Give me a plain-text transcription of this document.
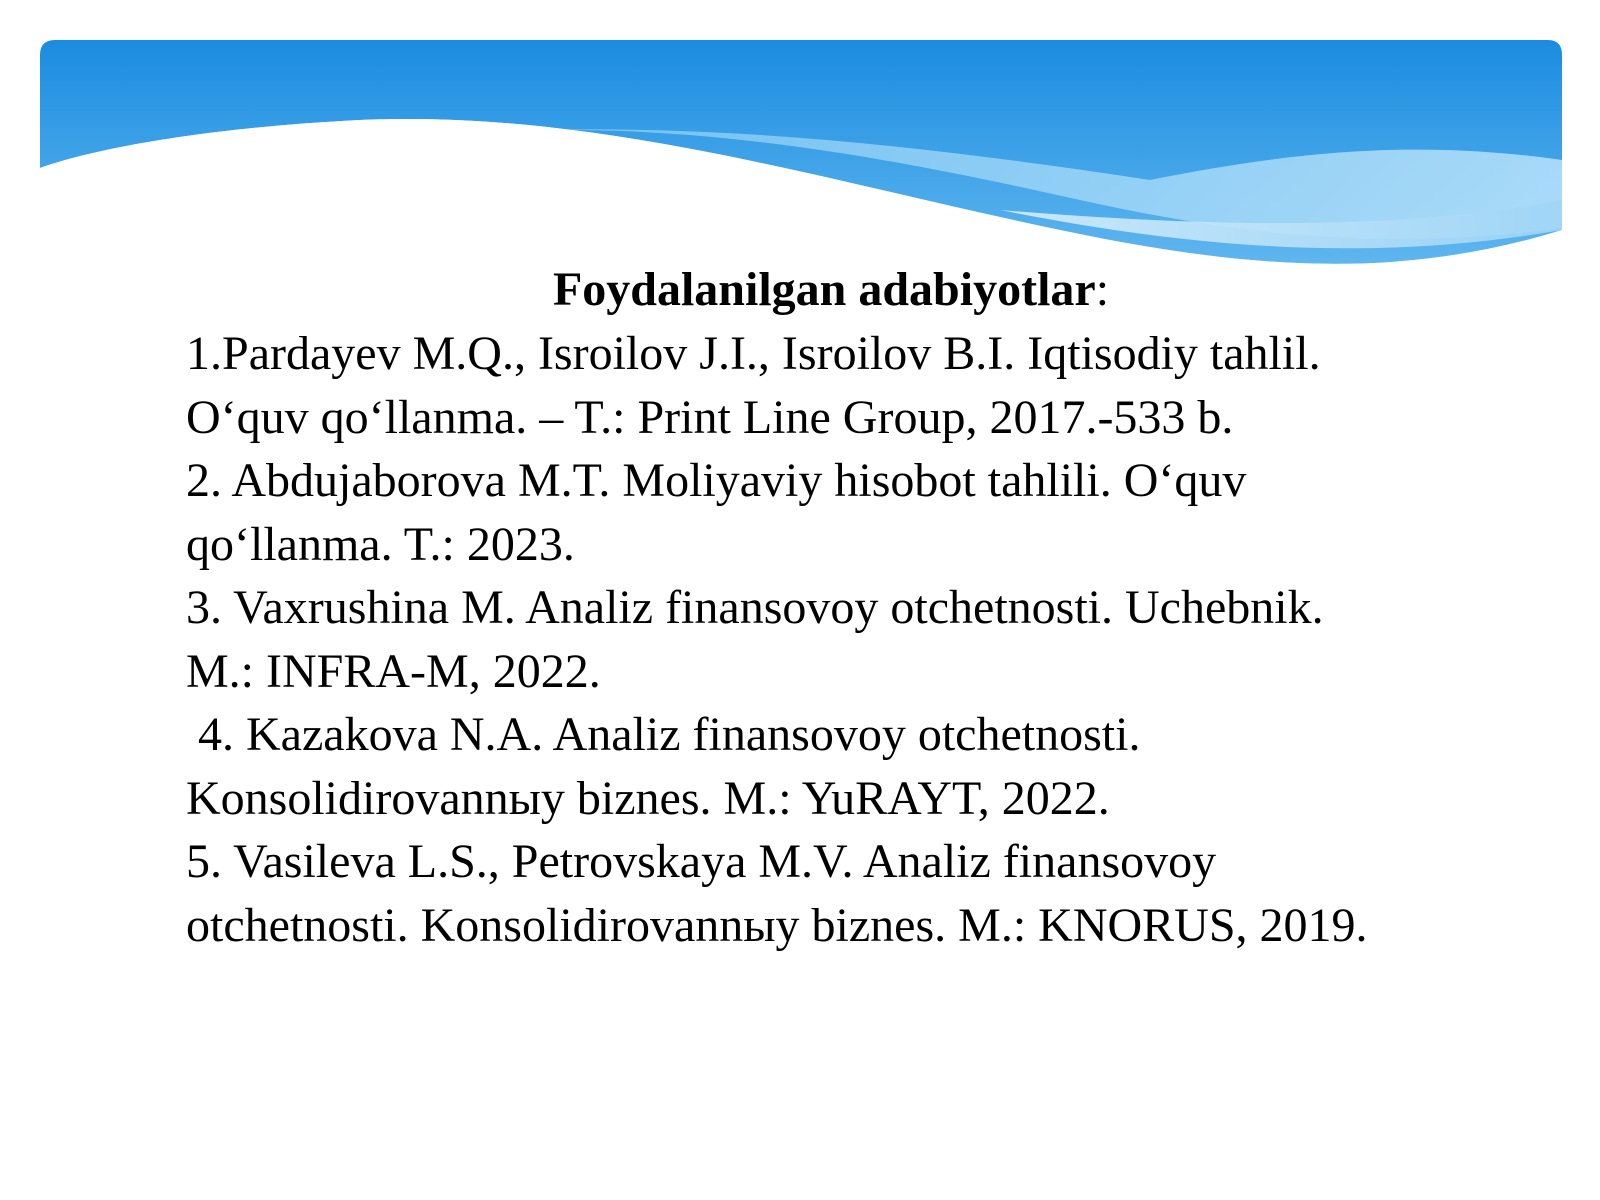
Foydalanilgan adabiyotlar:
1.Pardayev M.Q., Isroilov J.I., Isroilov B.I. Iqtisodiy tahlil.
O‘quv qo‘llanma. – T.: Print Line Group, 2017.-533 b.
2. Abdujaborova M.T. Moliyaviy hisobot tahlili. O‘quv
qo‘llanma. T.: 2023.
3. Vaxrushina M. Analiz finansovoy otchetnosti. Uchebnik.
M.: INFRA-M, 2022.
4. Kazakova N.A. Analiz finansovoy otchetnosti.
Konsolidirovannыy biznes. M.: YuRAYT, 2022.
5. Vasileva L.S., Petrovskaya M.V. Analiz finansovoy
otchetnosti. Konsolidirovannыy biznes. M.: KNORUS, 2019.
